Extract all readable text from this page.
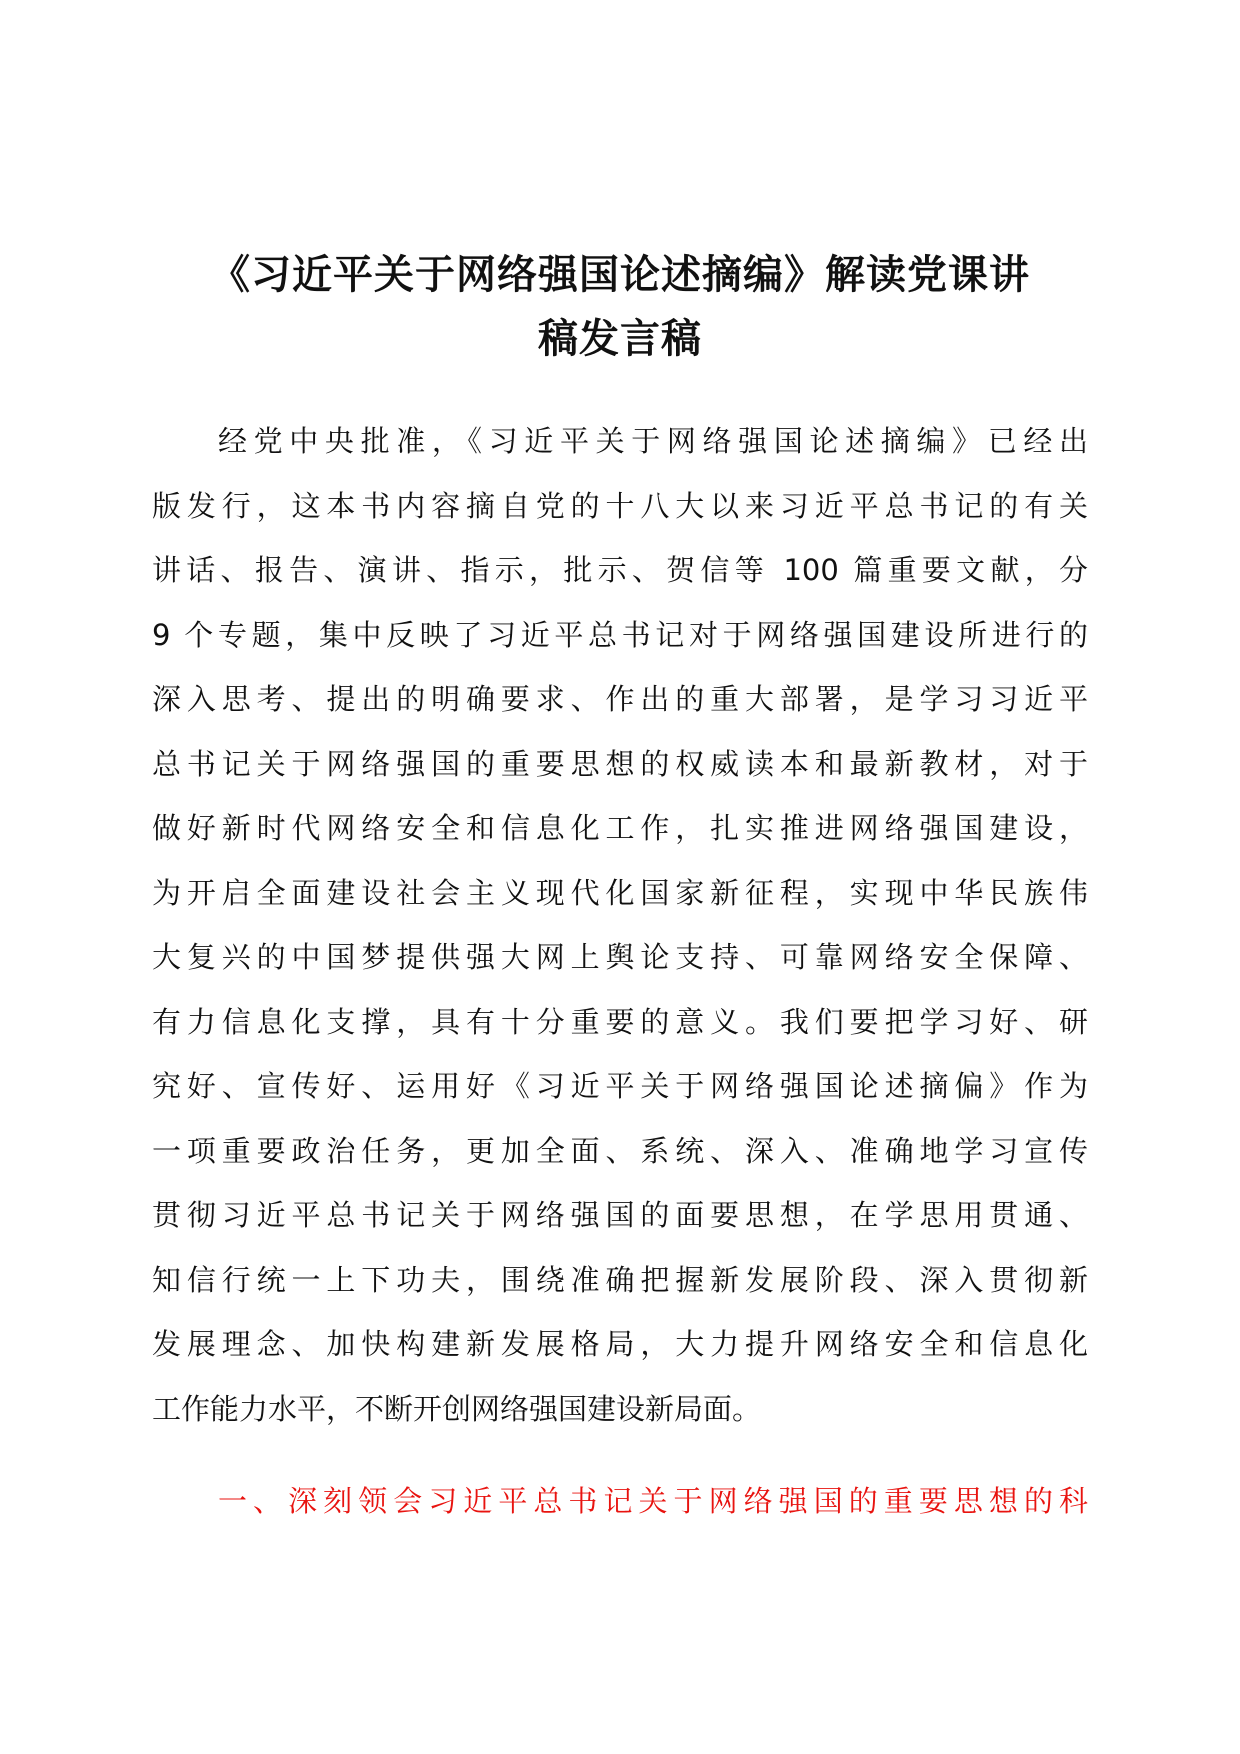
《习近平关于网络强国论述摘编》解读党课讲
稿发言稿
经党中央批准，《习近平关于网络强国论述摘编》已经出
版发行，这本书内容摘自党的十八大以来习近平总书记的有关
讲话、报告、演讲、指示，批示、贺信等 100 篇重要文献，分
9 个专题，集中反映了习近平总书记对于网络强国建设所进行的
深入思考、提出的明确要求、作出的重大部署，是学习习近平
总书记关于网络强国的重要思想的权威读本和最新教材，对于
做好新时代网络安全和信息化工作，扎实推进网络强国建设，
为开启全面建设社会主义现代化国家新征程，实现中华民族伟
大复兴的中国梦提供强大网上舆论支持、可靠网络安全保障、
有力信息化支撑，具有十分重要的意义。我们要把学习好、研
究好、宣传好、运用好《习近平关于网络强国论述摘偏》作为
一项重要政治任务，更加全面、系统、深入、准确地学习宣传
贯彻习近平总书记关于网络强国的面要思想，在学思用贯通、
知信行统一上下功夫，围绕准确把握新发展阶段、深入贯彻新
发展理念、加快构建新发展格局，大力提升网络安全和信息化
工作能力水平，不断开创网络强国建设新局面。
一、深刻领会习近平总书记关于网络强国的重要思想的科
